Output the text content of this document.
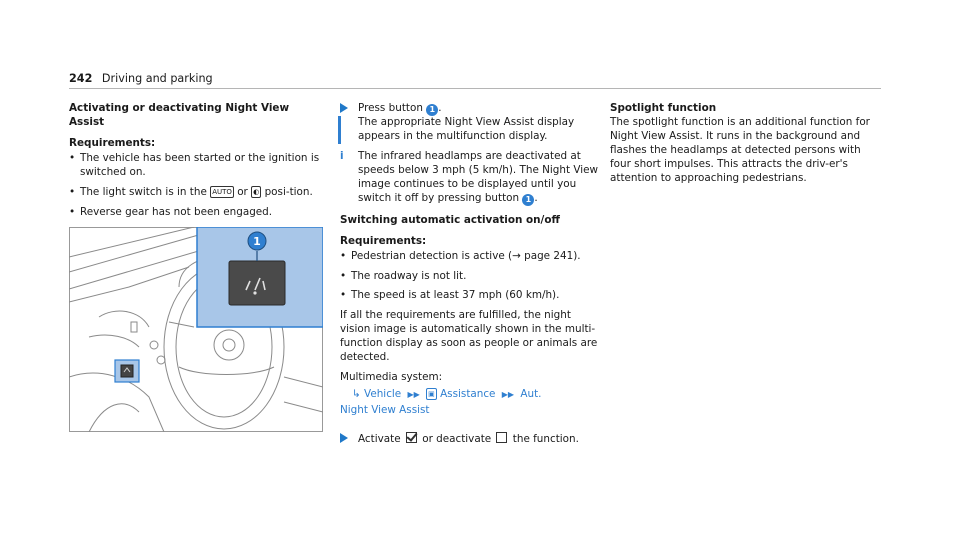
242 Driving and parking
Activating or deactivating Night View Assist
Requirements:
• The vehicle has been started or the ignition is switched on.
• The light switch is in the AUTO or ◐ posi-tion.
• Reverse gear has not been engaged.
1
Press button 1 .
The appropriate Night View Assist display appears in the multifunction display.
i The infrared headlamps are deactivated at speeds below 3 mph (5 km/h). The Night View image continues to be displayed until you switch it off by pressing button 1 .
Switching automatic activation on/off
Requirements:
• Pedestrian detection is active (→ page 241).
• The roadway is not lit.
• The speed is at least 37 mph (60 km/h).

If all the requirements are fulfilled, the night vision image is automatically shown in the multi-function display as soon as people or animals are detected.

Multimedia system:

↳ Vehicle ▶▶ ▣ Assistance ▶▶ Aut.
Night View Assist
Activate or deactivate the function.
Spotlight function

The spotlight function is an additional function for Night View Assist. It runs in the background and flashes the headlamps at detected persons with four short impulses. This attracts the driv-er's attention to approaching pedestrians.
